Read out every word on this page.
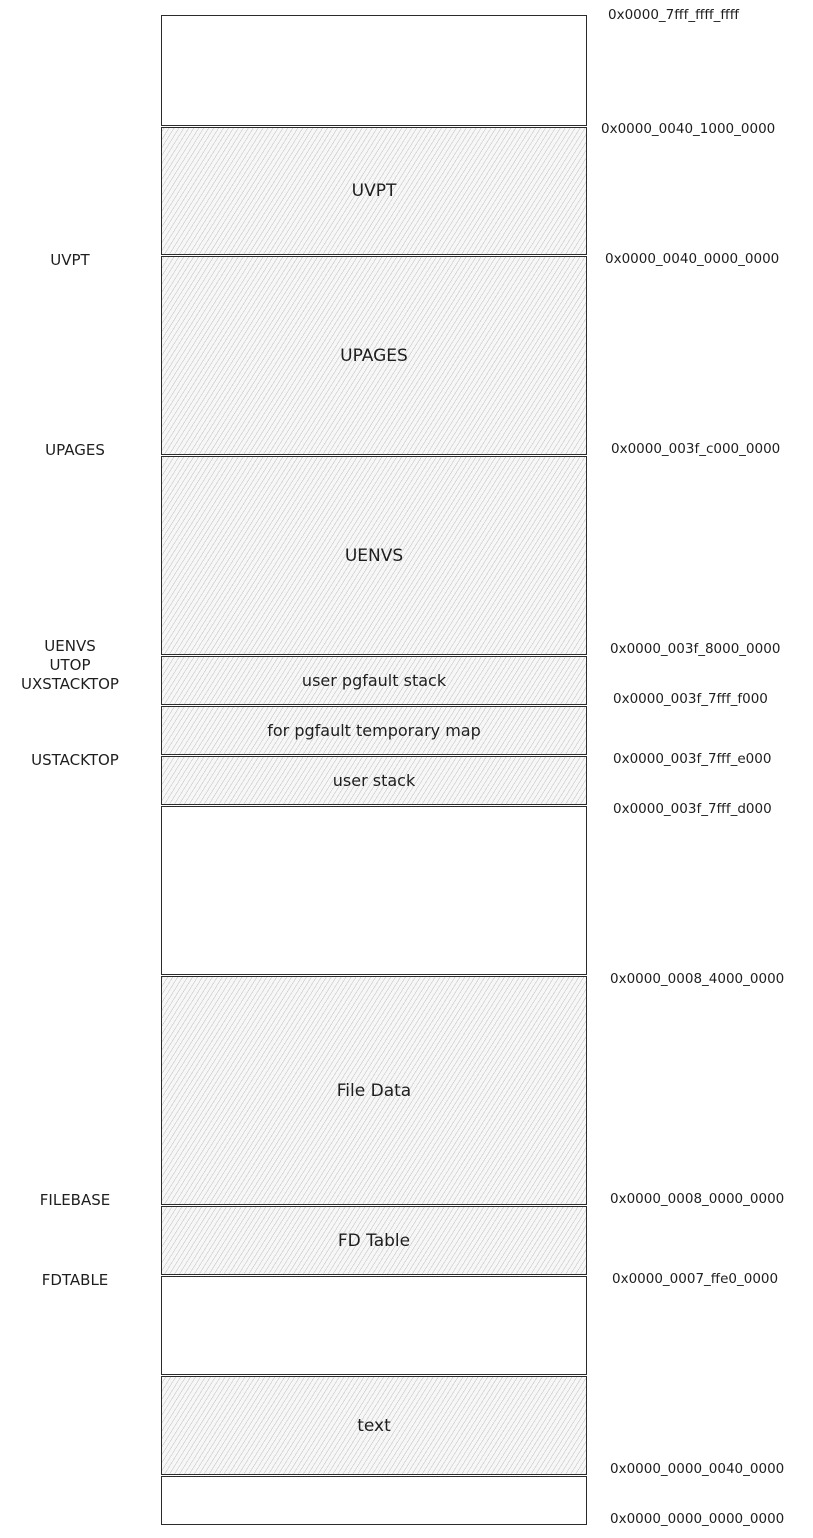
UVPT
UPAGES
UENVS
user pgfault stack
for pgfault temporary map
user stack
File Data
FD Table
text
0x0000_7fff_ffff_ffff
0x0000_0040_1000_0000
0x0000_0040_0000_0000
0x0000_003f_c000_0000
0x0000_003f_8000_0000
0x0000_003f_7fff_f000
0x0000_003f_7fff_e000
0x0000_003f_7fff_d000
0x0000_0008_4000_0000
0x0000_0008_0000_0000
0x0000_0007_ffe0_0000
0x0000_0000_0040_0000
0x0000_0000_0000_0000
UVPT
UPAGES
UENVS
UTOP
UXSTACKTOP
USTACKTOP
FILEBASE
FDTABLE
